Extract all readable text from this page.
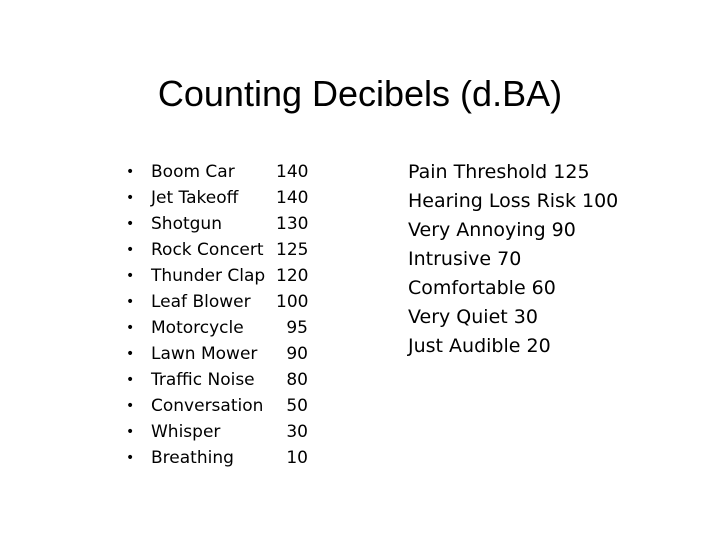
Counting Decibels (d.BA)
• Boom Car	140
• Jet Takeoff	140
• Shotgun	130
• Rock Concert 125
• Thunder Clap 120
• Leaf Blower	100
• Motorcycle	95
• Lawn Mower	90
• Traffic Noise	80
• Conversation	50
• Whisper	30
• Breathing	10
Pain Threshold 125
Hearing Loss Risk 100
Very Annoying 90
Intrusive 70
Comfortable 60
Very Quiet 30
Just Audible 20
